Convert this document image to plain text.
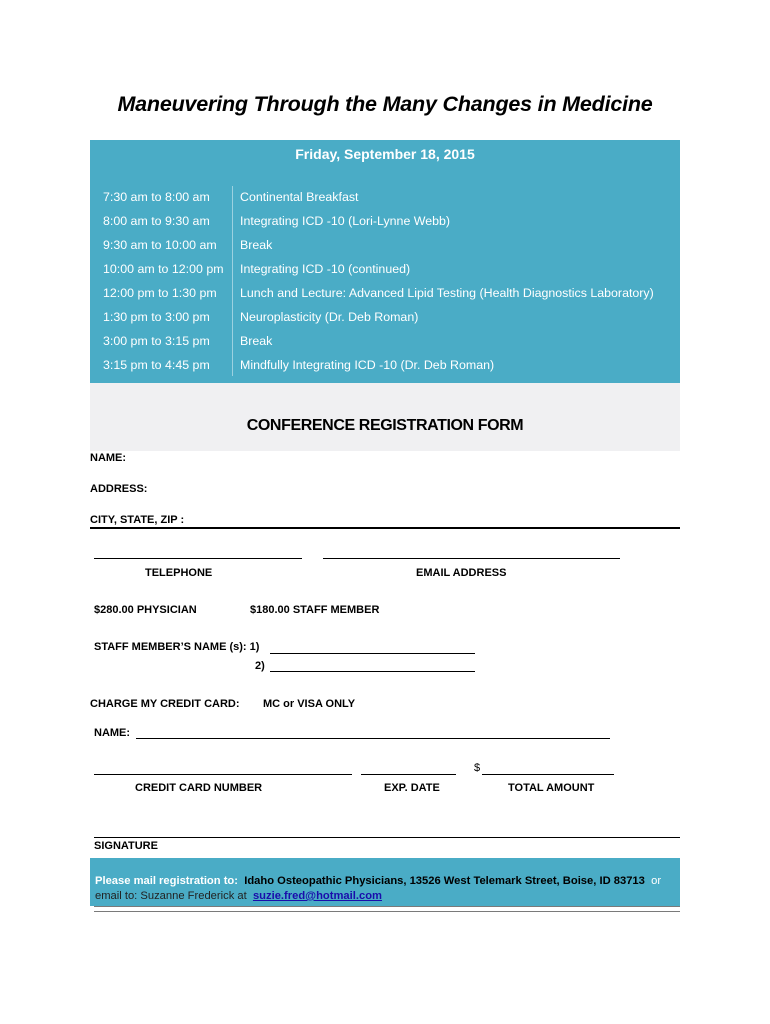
Maneuvering Through the Many Changes in Medicine
Friday, September 18, 2015
7:30 am to 8:00 am Continental Breakfast
8:00 am to 9:30 am Integrating ICD -10 (Lori-Lynne Webb)
9:30 am to 10:00 am Break
10:00 am to 12:00 pm Integrating ICD -10 (continued)
12:00 pm to 1:30 pm Lunch and Lecture: Advanced Lipid Testing (Health Diagnostics Laboratory)
1:30 pm to 3:00 pm Neuroplasticity (Dr. Deb Roman)
3:00 pm to 3:15 pm Break
3:15 pm to 4:45 pm Mindfully Integrating ICD -10 (Dr. Deb Roman)
CONFERENCE REGISTRATION FORM
NAME:
ADDRESS:
CITY, STATE, ZIP :
TELEPHONE	EMAIL ADDRESS
$280.00 PHYSICIAN	$180.00 STAFF MEMBER
STAFF MEMBER’S NAME (s): 1)
2)
CHARGE MY CREDIT CARD: MC or VISA ONLY
NAME:
$
CREDIT CARD NUMBER	EXP. DATE	TOTAL AMOUNT
SIGNATURE
Please mail registration to: Idaho Osteopathic Physicians, 13526 West Telemark Street, Boise, ID 83713 or
email to: Suzanne Frederick at suzie.fred@hotmail.com
